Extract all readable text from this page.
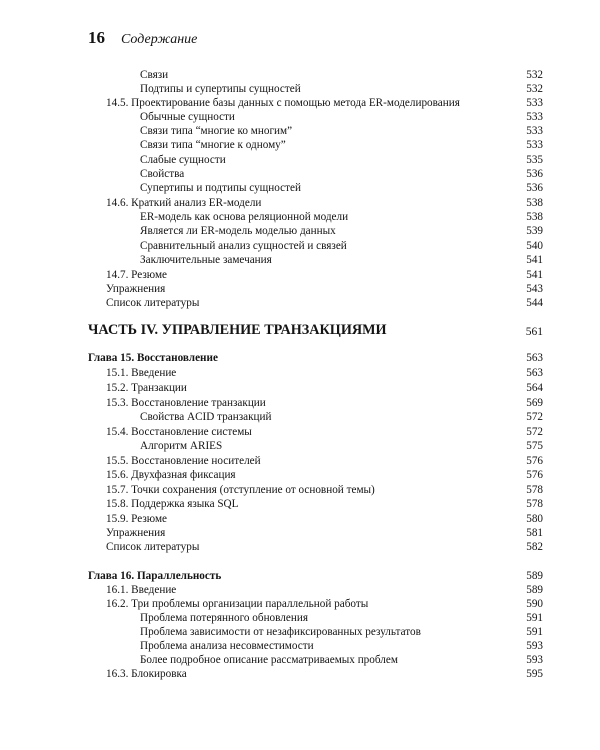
16 Содержание
Связи	532
Подтипы и супертипы сущностей	532
14.5. Проектирование базы данных с помощью метода ER-моделирования	533
Обычные сущности	533
Связи типа “многие ко многим”	533
Связи типа “многие к одному”	533
Слабые сущности	535
Свойства	536
Супертипы и подтипы сущностей	536
14.6. Краткий анализ ER-модели	538
ER-модель как основа реляционной модели	538
Является ли ER-модель моделью данных	539
Сравнительный анализ сущностей и связей	540
Заключительные замечания	541
14.7. Резюме	541
Упражнения	543
Список литературы	544
ЧАСТЬ IV. УПРАВЛЕНИЕ ТРАНЗАКЦИЯМИ	561
Глава 15. Восстановление	563
15.1. Введение	563
15.2. Транзакции	564
15.3. Восстановление транзакции	569
Свойства ACID транзакций	572
15.4. Восстановление системы	572
Алгоритм ARIES	575
15.5. Восстановление носителей	576
15.6. Двухфазная фиксация	576
15.7. Точки сохранения (отступление от основной темы)	578
15.8. Поддержка языка SQL	578
15.9. Резюме	580
Упражнения	581
Список литературы	582
Глава 16. Параллельность	589
16.1. Введение	589
16.2. Три проблемы организации параллельной работы	590
Проблема потерянного обновления	591
Проблема зависимости от незафиксированных результатов	591
Проблема анализа несовместимости	593
Более подробное описание рассматриваемых проблем	593
16.3. Блокировка	595
